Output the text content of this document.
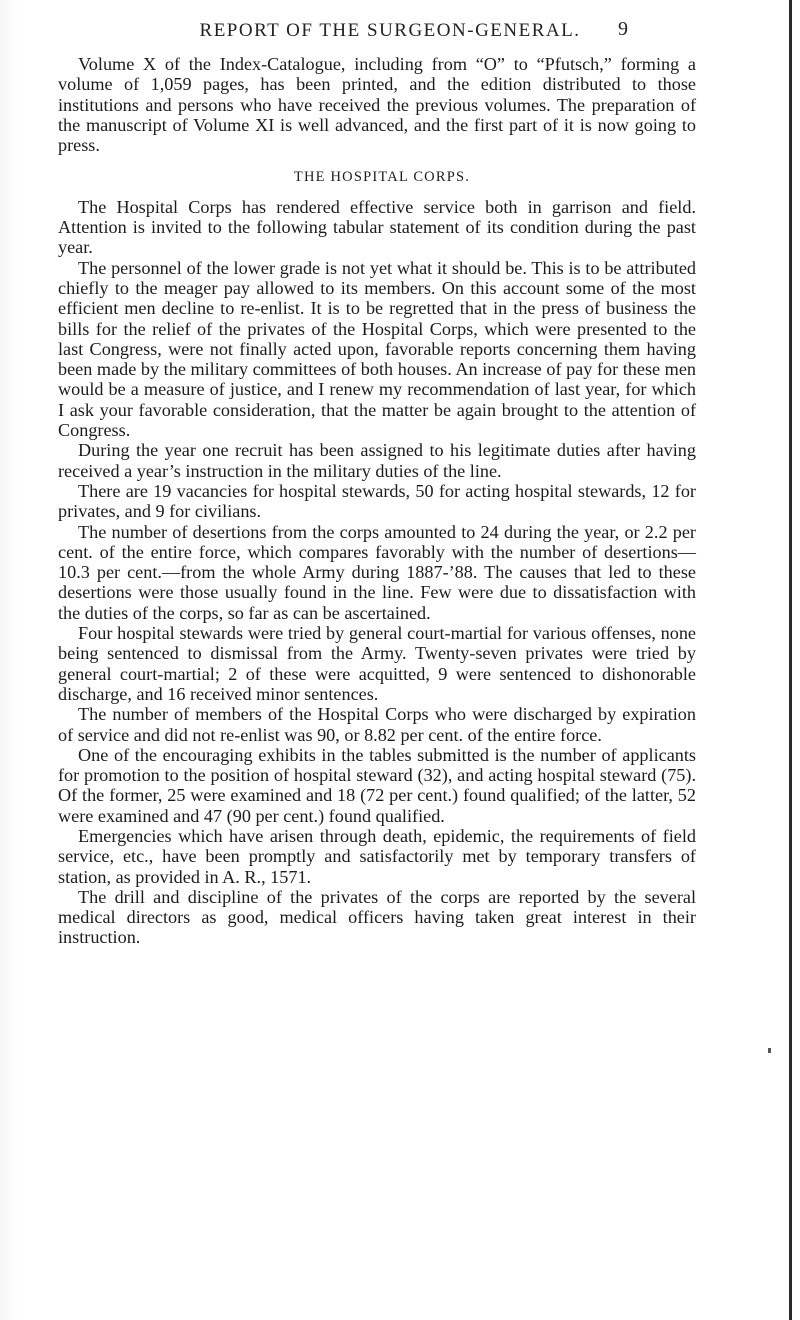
REPORT OF THE SURGEON-GENERAL.	9

Volume X of the Index-Catalogue, including from “O” to “Pfutsch,” forming a volume of 1,059 pages, has been printed, and the edition distributed to those institutions and persons who have received the previous volumes. The preparation of the manuscript of Volume XI is well advanced, and the first part of it is now going to press.

THE HOSPITAL CORPS.

The Hospital Corps has rendered effective service both in garrison and field. Attention is invited to the following tabular statement of its condition during the past year.

The personnel of the lower grade is not yet what it should be. This is to be attributed chiefly to the meager pay allowed to its members. On this account some of the most efficient men decline to re-enlist. It is to be regretted that in the press of business the bills for the relief of the privates of the Hospital Corps, which were presented to the last Congress, were not finally acted upon, favorable reports concerning them having been made by the military committees of both houses. An increase of pay for these men would be a measure of justice, and I renew my recommendation of last year, for which I ask your favorable consideration, that the matter be again brought to the attention of Congress.

During the year one recruit has been assigned to his legitimate duties after having received a year’s instruction in the military duties of the line.

There are 19 vacancies for hospital stewards, 50 for acting hospital stewards, 12 for privates, and 9 for civilians.

The number of desertions from the corps amounted to 24 during the year, or 2.2 per cent. of the entire force, which compares favorably with the number of desertions—10.3 per cent.—from the whole Army during 1887-’88. The causes that led to these desertions were those usually found in the line. Few were due to dissatisfaction with the duties of the corps, so far as can be ascertained.

Four hospital stewards were tried by general court-martial for various offenses, none being sentenced to dismissal from the Army. Twenty-seven privates were tried by general court-martial; 2 of these were acquitted, 9 were sentenced to dishonorable discharge, and 16 received minor sentences.

The number of members of the Hospital Corps who were discharged by expiration of service and did not re-enlist was 90, or 8.82 per cent. of the entire force.

One of the encouraging exhibits in the tables submitted is the number of applicants for promotion to the position of hospital steward (32), and acting hospital steward (75). Of the former, 25 were examined and 18 (72 per cent.) found qualified; of the latter, 52 were examined and 47 (90 per cent.) found qualified.

Emergencies which have arisen through death, epidemic, the requirements of field service, etc., have been promptly and satisfactorily met by temporary transfers of station, as provided in A. R., 1571.

The drill and discipline of the privates of the corps are reported by the several medical directors as good, medical officers having taken great interest in their instruction.
